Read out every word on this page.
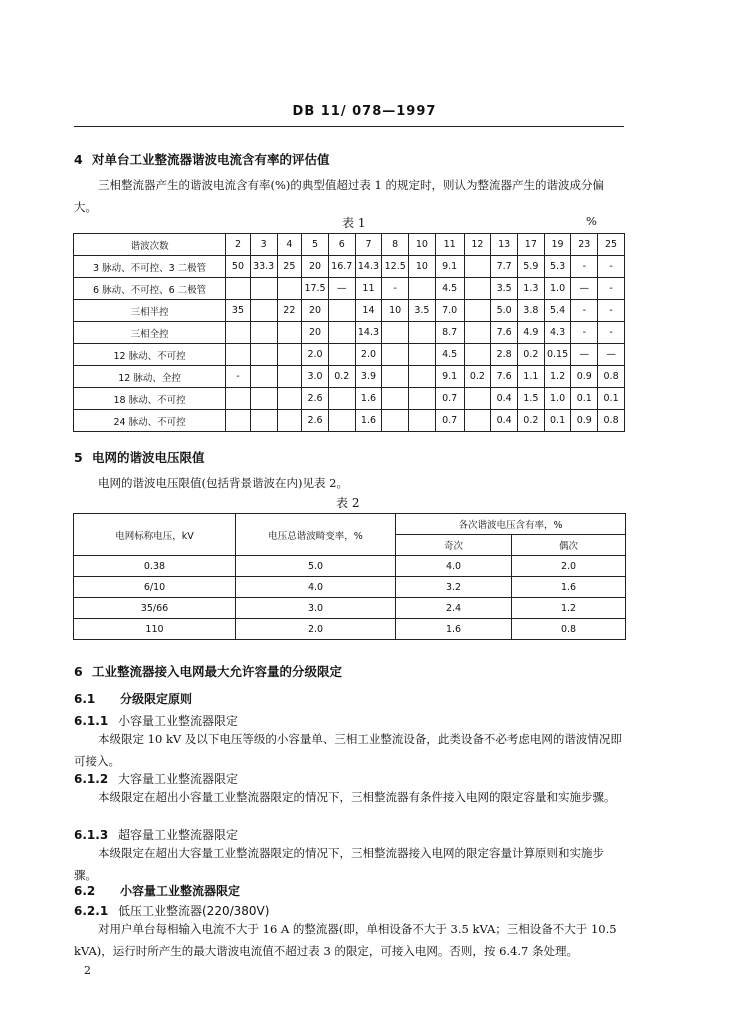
DB 11/ 078—1997
4 对单台工业整流器谐波电流含有率的评估值
三相整流器产生的谐波电流含有率(%)的典型值超过表 1 的规定时，则认为整流器产生的谐波成分偏大。
表 1	%
谐波次数	2	3	4	5	6	7	8	10	11	12	13	17	19	23	25
3 脉动、不可控、3 二极管	50	33.3	25	20	16.7	14.3	12.5	10	9.1		7.7	5.9	5.3	-	-
6 脉动、不可控、6 二极管				17.5	—	11	-		4.5		3.5	1.3	1.0	—	-
三相半控	35		22	20		14	10	3.5	7.0		5.0	3.8	5.4	-	-
三相全控				20		14.3			8.7		7.6	4.9	4.3	-	-
12 脉动、不可控				2.0		2.0			4.5		2.8	0.2	0.15	—	—
12 脉动、全控	-			3.0	0.2	3.9			9.1	0.2	7.6	1.1	1.2	0.9	0.8
18 脉动、不可控				2.6		1.6			0.7		0.4	1.5	1.0	0.1	0.1
24 脉动、不可控				2.6		1.6			0.7		0.4	0.2	0.1	0.9	0.8
5 电网的谐波电压限值
电网的谐波电压限值(包括背景谐波在内)见表 2。
表 2
电网标称电压，kV	电压总谐波畸变率，%	各次谐波电压含有率，%	
		奇次	偶次
0.38	5.0	4.0	2.0
6/10	4.0	3.2	1.6
35/66	3.0	2.4	1.2
110	2.0	1.6	0.8
6 工业整流器接入电网最大允许容量的分级限定
6.1 分级限定原则
6.1.1 小容量工业整流器限定
本级限定 10 kV 及以下电压等级的小容量单、三相工业整流设备，此类设备不必考虑电网的谐波情况即可接入。
6.1.2 大容量工业整流器限定
本级限定在超出小容量工业整流器限定的情况下，三相整流器有条件接入电网的限定容量和实施步骤。
6.1.3 超容量工业整流器限定
本级限定在超出大容量工业整流器限定的情况下，三相整流器接入电网的限定容量计算原则和实施步骤。
6.2 小容量工业整流器限定
6.2.1 低压工业整流器(220/380V)
对用户单台每相输入电流不大于 16 A 的整流器(即，单相设备不大于 3.5 kVA；三相设备不大于 10.5 kVA)，运行时所产生的最大谐波电流值不超过表 3 的限定，可接入电网。否则，按 6.4.7 条处理。
2
